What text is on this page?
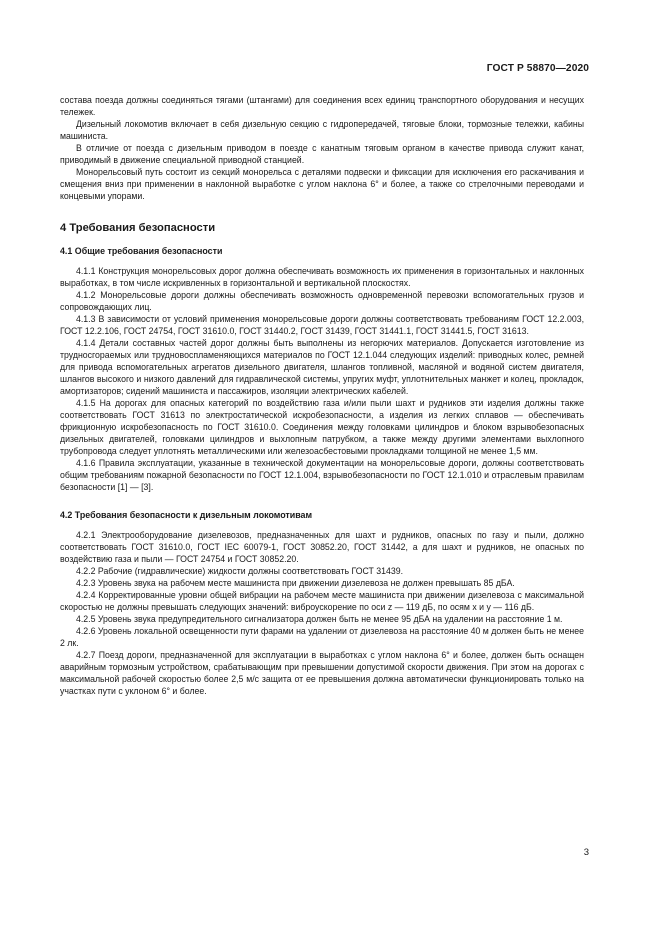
ГОСТ Р 58870—2020

состава поезда должны соединяться тягами (штангами) для соединения всех единиц транспортного оборудования и несущих тележек.

Дизельный локомотив включает в себя дизельную секцию с гидропередачей, тяговые блоки, тормозные тележки, кабины машиниста.

В отличие от поезда с дизельным приводом в поезде с канатным тяговым органом в качестве привода служит канат, приводимый в движение специальной приводной станцией.

Монорельсовый путь состоит из секций монорельса с деталями подвески и фиксации для исключения его раскачивания и смещения вниз при применении в наклонной выработке с углом наклона 6° и более, а также со стрелочными переводами и концевыми упорами.

4 Требования безопасности
4.1 Общие требования безопасности

4.1.1 Конструкция монорельсовых дорог должна обеспечивать возможность их применения в горизонтальных и наклонных выработках, в том числе искривленных в горизонтальной и вертикальной плоскостях.

4.1.2 Монорельсовые дороги должны обеспечивать возможность одновременной перевозки вспомогательных грузов и сопровождающих лиц.

4.1.3 В зависимости от условий применения монорельсовые дороги должны соответствовать требованиям ГОСТ 12.2.003, ГОСТ 12.2.106, ГОСТ 24754, ГОСТ 31610.0, ГОСТ 31440.2, ГОСТ 31439, ГОСТ 31441.1, ГОСТ 31441.5, ГОСТ 31613.

4.1.4 Детали составных частей дорог должны быть выполнены из негорючих материалов. Допускается изготовление из трудносгораемых или трудновоспламеняющихся материалов по ГОСТ 12.1.044 следующих изделий: приводных колес, ремней для привода вспомогательных агрегатов дизельного двигателя, шлангов топливной, масляной и водяной систем двигателя, шлангов высокого и низкого давлений для гидравлической системы, упругих муфт, уплотнительных манжет и колец, прокладок, амортизаторов; сидений машиниста и пассажиров, изоляции электрических кабелей.

4.1.5 На дорогах для опасных категорий по воздействию газа и/или пыли шахт и рудников эти изделия должны также соответствовать ГОСТ 31613 по электростатической искробезопасности, а изделия из легких сплавов — обеспечивать фрикционную искробезопасность по ГОСТ 31610.0. Соединения между головками цилиндров и блоком взрывобезопасных дизельных двигателей, головками цилиндров и выхлопным патрубком, а также между другими элементами выхлопного трубопровода следует уплотнять металлическими или железоасбестовыми прокладками толщиной не менее 1,5 мм.

4.1.6 Правила эксплуатации, указанные в технической документации на монорельсовые дороги, должны соответствовать общим требованиям пожарной безопасности по ГОСТ 12.1.004, взрывобезопасности по ГОСТ 12.1.010 и отраслевым правилам безопасности [1] — [3].

4.2 Требования безопасности к дизельным локомотивам

4.2.1 Электрооборудование дизелевозов, предназначенных для шахт и рудников, опасных по газу и пыли, должно соответствовать ГОСТ 31610.0, ГОСТ IEC 60079-1, ГОСТ 30852.20, ГОСТ 31442, а для шахт и рудников, не опасных по воздействию газа и пыли — ГОСТ 24754 и ГОСТ 30852.20.

4.2.2 Рабочие (гидравлические) жидкости должны соответствовать ГОСТ 31439.

4.2.3 Уровень звука на рабочем месте машиниста при движении дизелевоза не должен превышать 85 дБА.

4.2.4 Корректированные уровни общей вибрации на рабочем месте машиниста при движении дизелевоза с максимальной скоростью не должны превышать следующих значений: виброускорение по оси z — 119 дБ, по осям x и y — 116 дБ.

4.2.5 Уровень звука предупредительного сигнализатора должен быть не менее 95 дБА на удалении на расстояние 1 м.

4.2.6 Уровень локальной освещенности пути фарами на удалении от дизелевоза на расстояние 40 м должен быть не менее 2 лк.

4.2.7 Поезд дороги, предназначенной для эксплуатации в выработках с углом наклона 6° и более, должен быть оснащен аварийным тормозным устройством, срабатывающим при превышении допустимой скорости движения. При этом на дорогах с максимальной рабочей скоростью более 2,5 м/с защита от ее превышения должна автоматически функционировать только на участках пути с уклоном 6° и более.

3
